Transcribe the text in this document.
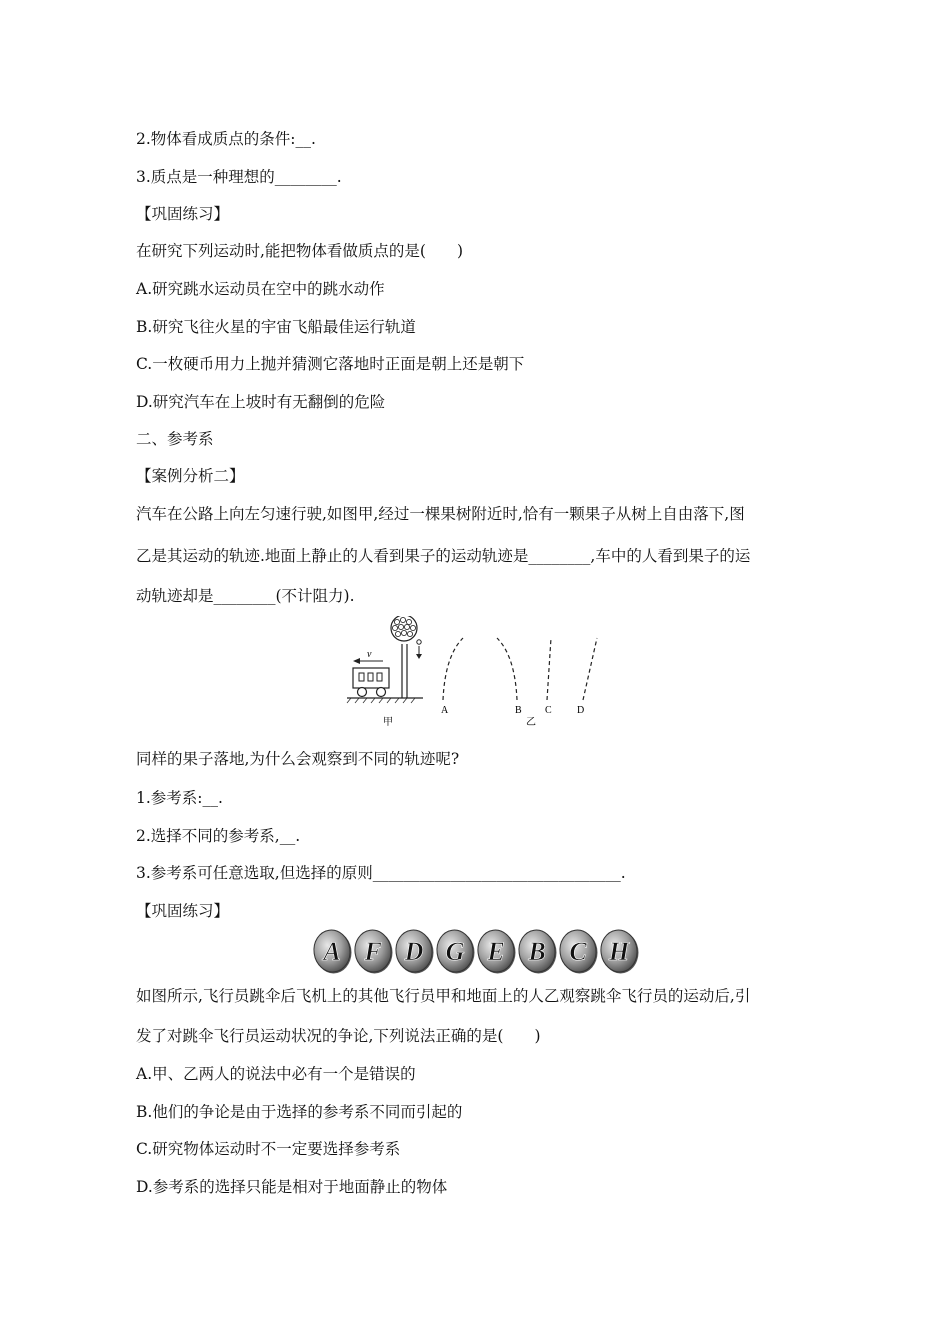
2.物体看成质点的条件:__.
3.质点是一种理想的________.
【巩固练习】
在研究下列运动时,能把物体看做质点的是(　　)
A.研究跳水运动员在空中的跳水动作
B.研究飞往火星的宇宙飞船最佳运行轨道
C.一枚硬币用力上抛并猜测它落地时正面是朝上还是朝下
D.研究汽车在上坡时有无翻倒的危险
二、参考系
【案例分析二】
汽车在公路上向左匀速行驶,如图甲,经过一棵果树附近时,恰有一颗果子从树上自由落下,图
乙是其运动的轨迹.地面上静止的人看到果子的运动轨迹是________,车中的人看到果子的运
动轨迹却是________(不计阻力).
v
A	B C	D
甲	乙
同样的果子落地,为什么会观察到不同的轨迹呢?
1.参考系:__.
2.选择不同的参考系,__.
3.参考系可任意选取,但选择的原则________________________________.
【巩固练习】
A F D G E B C H
如图所示,飞行员跳伞后飞机上的其他飞行员甲和地面上的人乙观察跳伞飞行员的运动后,引
发了对跳伞飞行员运动状况的争论,下列说法正确的是(　　)
A.甲、乙两人的说法中必有一个是错误的
B.他们的争论是由于选择的参考系不同而引起的
C.研究物体运动时不一定要选择参考系
D.参考系的选择只能是相对于地面静止的物体
